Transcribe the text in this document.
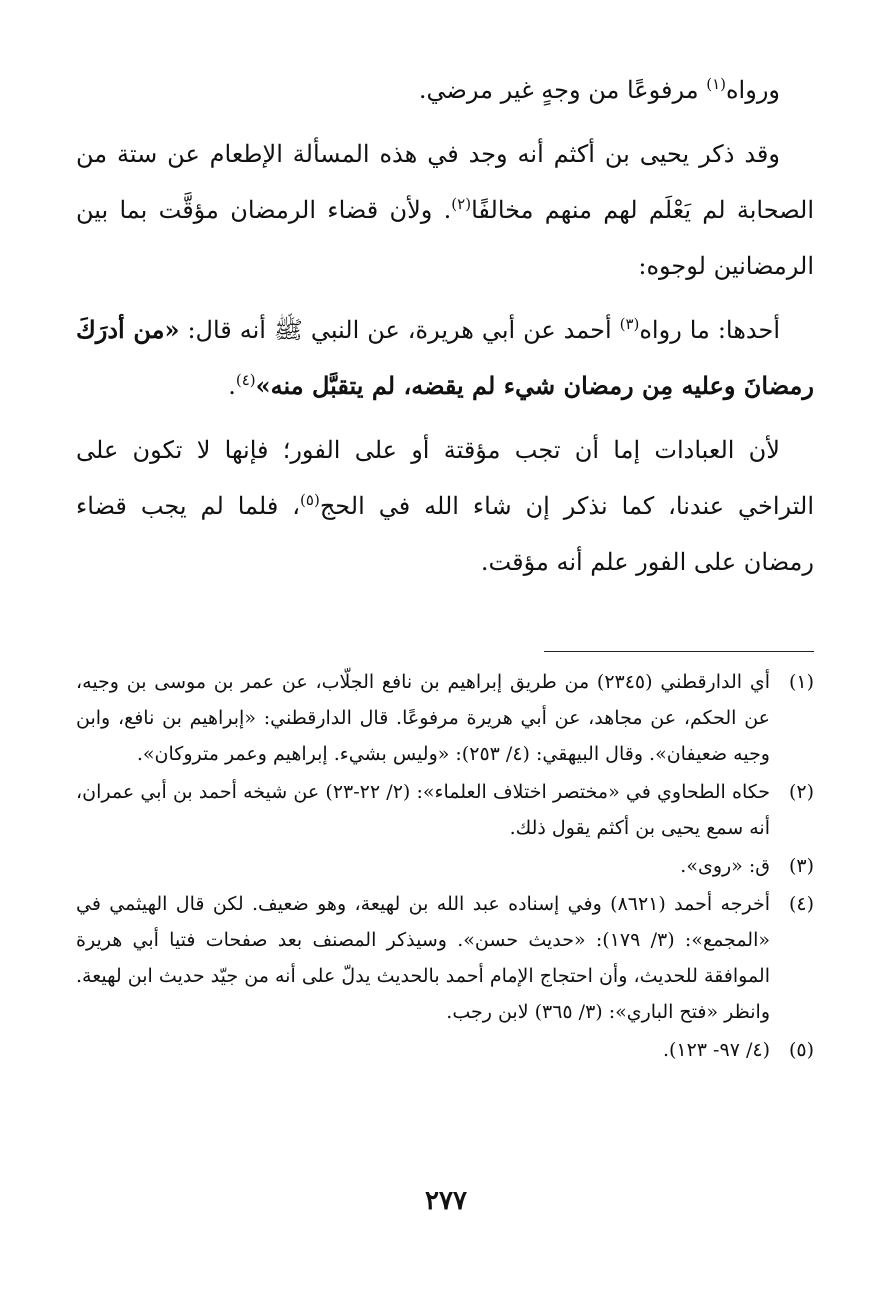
ورواه$^{(١)}$ مرفوعًا من وجهٍ غير مرضي.

وقد ذكر يحيى بن أكثم أنه وجد في هذه المسألة الإطعام عن ستة من الصحابة لم يَعْلَم لهم منهم مخالفًا$^{(٢)}$. ولأن قضاء الرمضان مؤقَّت بما بين الرمضانين لوجوه:

أحدها: ما رواه$^{(٣)}$ أحمد عن أبي هريرة، عن النبي ﷺ أنه قال: «من أدرَكَ رمضانَ وعليه مِن رمضان شيء لم يقضه، لم يتقبَّل منه»$^{(٤)}$.

لأن العبادات إما أن تجب مؤقتة أو على الفور؛ فإنها لا تكون على التراخي عندنا، كما نذكر إن شاء الله في الحج$^{(٥)}$، فلما لم يجب قضاء رمضان على الفور علم أنه مؤقت.

(١)
أي الدارقطني (٢٣٤٥) من طريق إبراهيم بن نافع الجلّاب، عن عمر بن موسى بن وجيه، عن الحكم، عن مجاهد، عن أبي هريرة مرفوعًا. قال الدارقطني: «إبراهيم بن نافع، وابن وجيه ضعيفان». وقال البيهقي: (٤/ ٢٥٣): «وليس بشيء. إبراهيم وعمر متروكان».
(٢)
حكاه الطحاوي في «مختصر اختلاف العلماء»: (٢/ ٢٢-٢٣) عن شيخه أحمد بن أبي عمران، أنه سمع يحيى بن أكثم يقول ذلك.
(٣)
ق: «روى».
(٤)
أخرجه أحمد (٨٦٢١) وفي إسناده عبد الله بن لهيعة، وهو ضعيف. لكن قال الهيثمي في «المجمع»: (٣/ ١٧٩): «حديث حسن». وسيذكر المصنف بعد صفحات فتيا أبي هريرة الموافقة للحديث، وأن احتجاج الإمام أحمد بالحديث يدلّ على أنه من جيّد حديث ابن لهيعة. وانظر «فتح الباري»: (٣/ ٣٦٥) لابن رجب.
(٥)
(٤/ ٩٧- ١٢٣).
٢٧٧
